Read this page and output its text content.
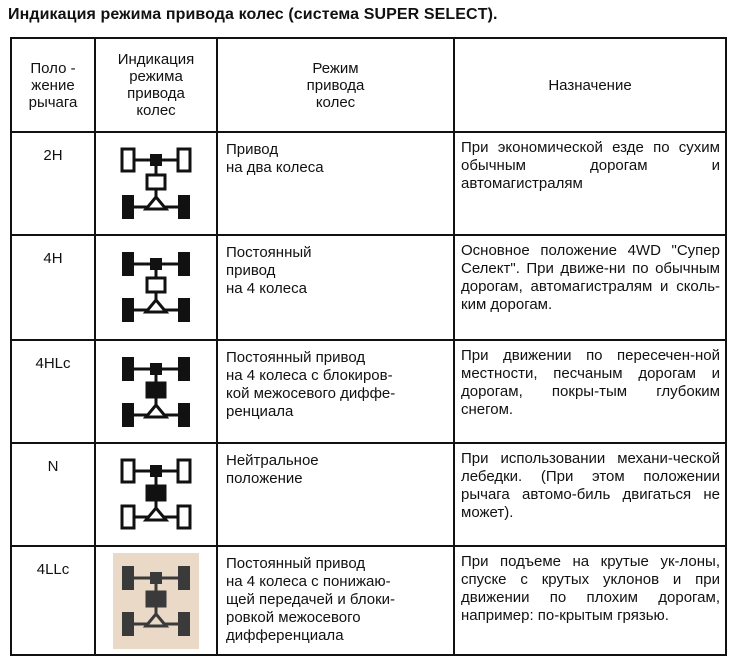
Индикация режима привода колес (система SUPER SELECT).
Поло -
жение
рычага	Индикация
режима
привода
колес	Режим
привода
колес	Назначение

2H		Привод
на два колеса	При экономической езде по сухим обычным дорогам и автомагистралям
4H		Постоянный
привод
на 4 колеса	Основное положение 4WD "Супер Селект". При движе-ни по обычным дорогам, автомагистралям и сколь-ким дорогам.
4HLc		Постоянный привод
на 4 колеса с блокиров-
кой межосевого диффе-
ренциала	При движении по пересечен-ной местности, песчаным дорогам и дорогам, покры-тым глубоким снегом.
N		Нейтральное
положение	При использовании механи-ческой лебедки. (При этом положении рычага автомо-биль двигаться не может).
4LLc		Постоянный привод
на 4 колеса с понижаю-
щей передачей и блоки-
ровкой межосевого
дифференциала	При подъеме на крутые ук-лоны, спуске с крутых уклонов и при движении по плохим дорогам, например: по-крытым грязью.
